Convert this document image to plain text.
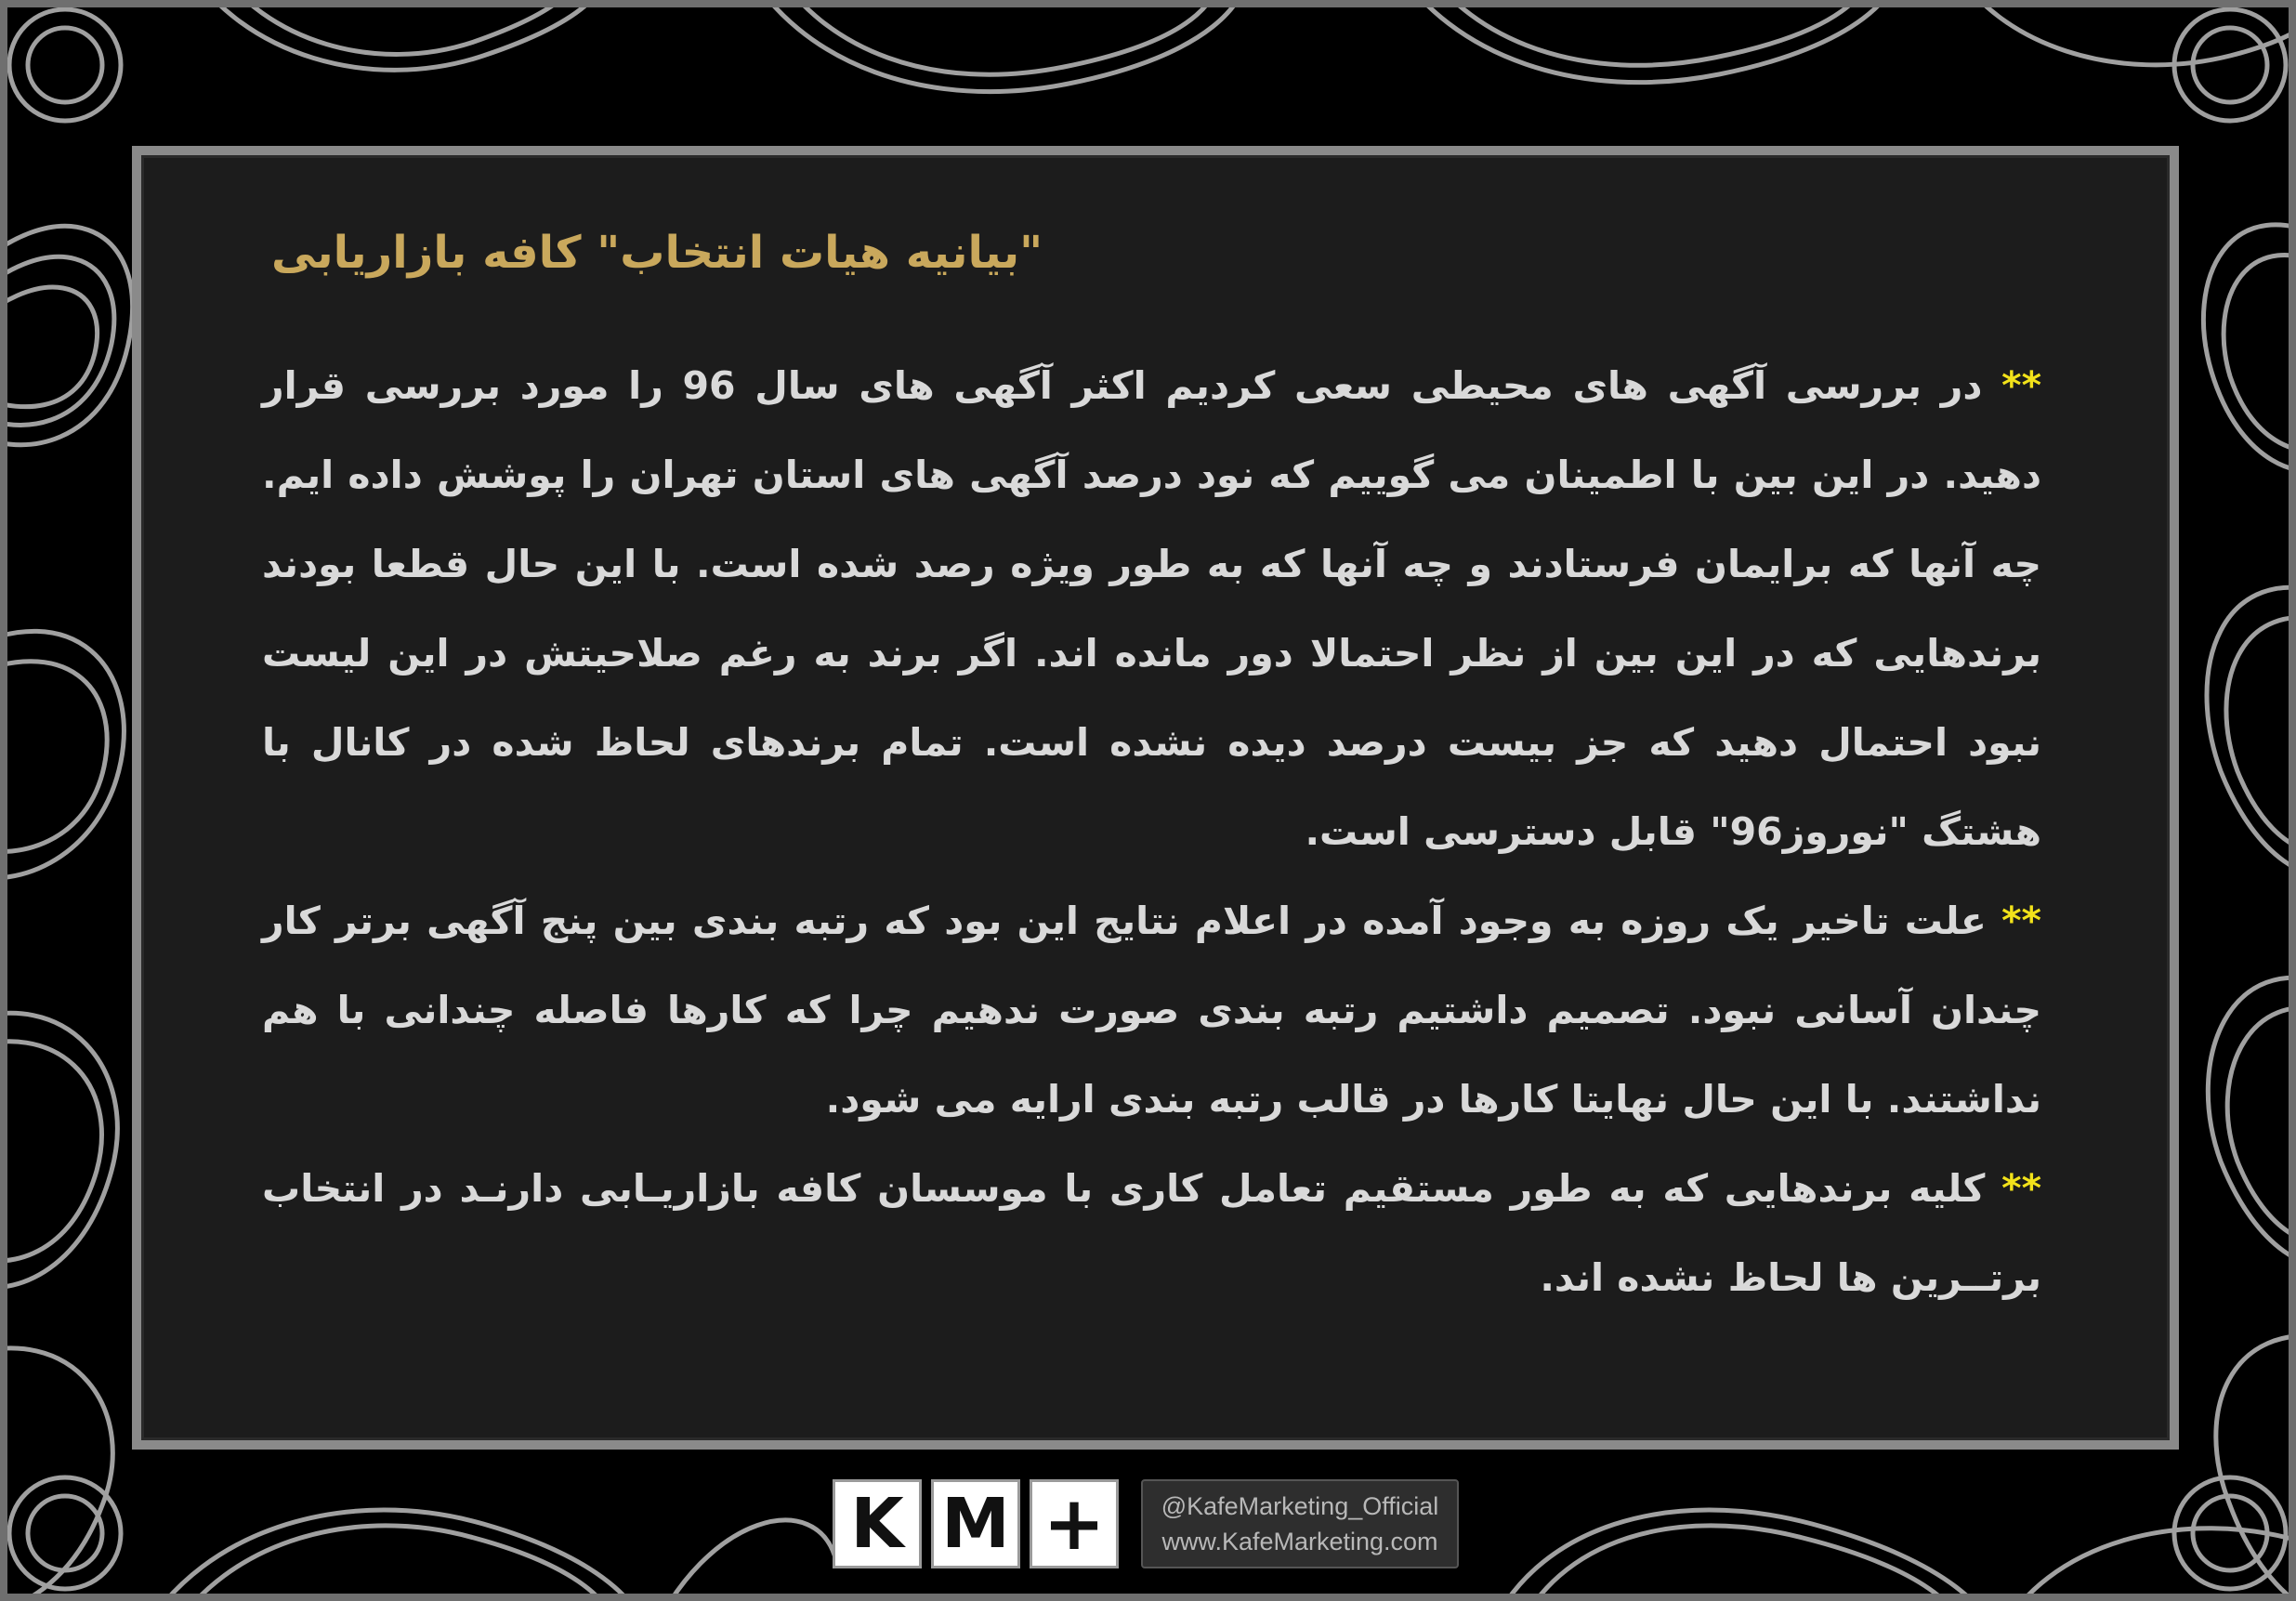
"بیانیه هیات انتخاب" کافه بازاریابی

** در بررسی آگهی های محیطی سعی کردیم اکثر آگهی های سال 96 را مورد بررسی قرار دهید. در این بین با اطمینان می گوییم که نود درصد آگهی های استان تهران را پوشش داده ایم. چه آنها که برایمان فرستادند و چه آنها که به طور ویژه رصد شده است. با این حال قطعا بودند برندهایی که در این بین از نظر احتمالا دور مانده اند. اگر برند به رغم صلاحیتش در این لیست نبود احتمال دهید که جز بیست درصد دیده نشده است. تمام برندهای لحاظ شده در کانال با هشتگ "نوروز96" قابل دسترسی است.

** علت تاخیر یک روزه به وجود آمده در اعلام نتایج این بود که رتبه بندی بین پنج آگهی برتر کار چندان آسانی نبود. تصمیم داشتیم رتبه بندی صورت ندهیم چرا که کارها فاصله چندانی با هم نداشتند. با این حال نهایتا کارها در قالب رتبه بندی ارایه می شود.

** کلیه برندهایی که به طور مستقیم تعامل کاری با موسسان کافه بازاریـابی دارنـد در انتخاب برتــرین ها لحاظ نشده اند.

K M + @KafeMarketing_Official
www.KafeMarketing.com
